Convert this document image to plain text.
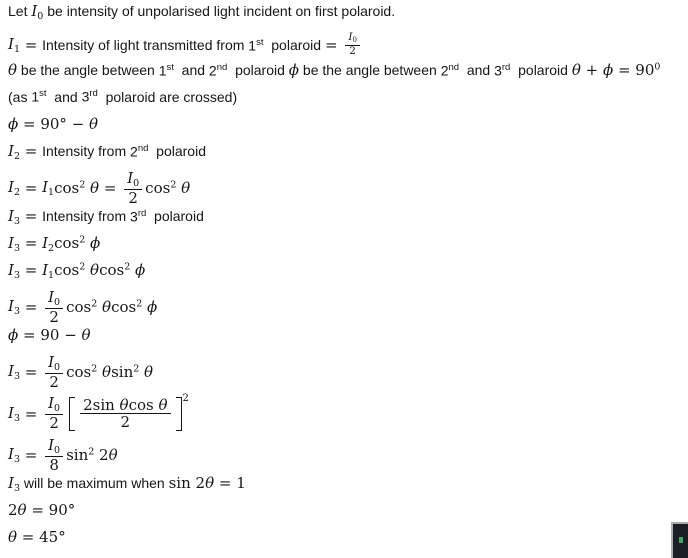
Let $I_0$ be intensity of unpolarised light incident on first polaroid.
$I_1$ = Intensity of light transmitted from 1st polaroid = $\frac{I0}{2}$
θ be the angle between 1st and 2nd polaroid ϕ be the angle between 2nd and 3rd polaroid $\theta + \phi = 90^0$
(as 1st and 3rd polaroid are crossed)
ϕ = 90° − θ
$I_2$ = Intensity from 2nd polaroid
$I_2 = I_1$ $\cos^2 \theta = \frac{I_0}{2} \cos^2 \theta$
$I_3$ = Intensity from 3rd polaroid
$I_3 = I_2$ $\cos^2 \phi$
$I_3 = I_1$ $\cos^2 \theta$ $\cos^2 \phi$
$I_3 = \frac{I_0}{2} \cos^2 \theta$ $\cos^2 \phi$
ϕ = 90 − θ
$I_3 = \frac{I_0}{2} \cos^2 \theta$ $\sin^2 \theta$
$I_3 = \frac{I_0}{2} \frac{\text{2sin θ cos θ}}{2} 2$
$I_3 = \frac{I_0}{8} \sin^2 2$ θ
$I_3$ will be maximum when sin 2 θ = 1
2 θ = 90°
θ = 45°
